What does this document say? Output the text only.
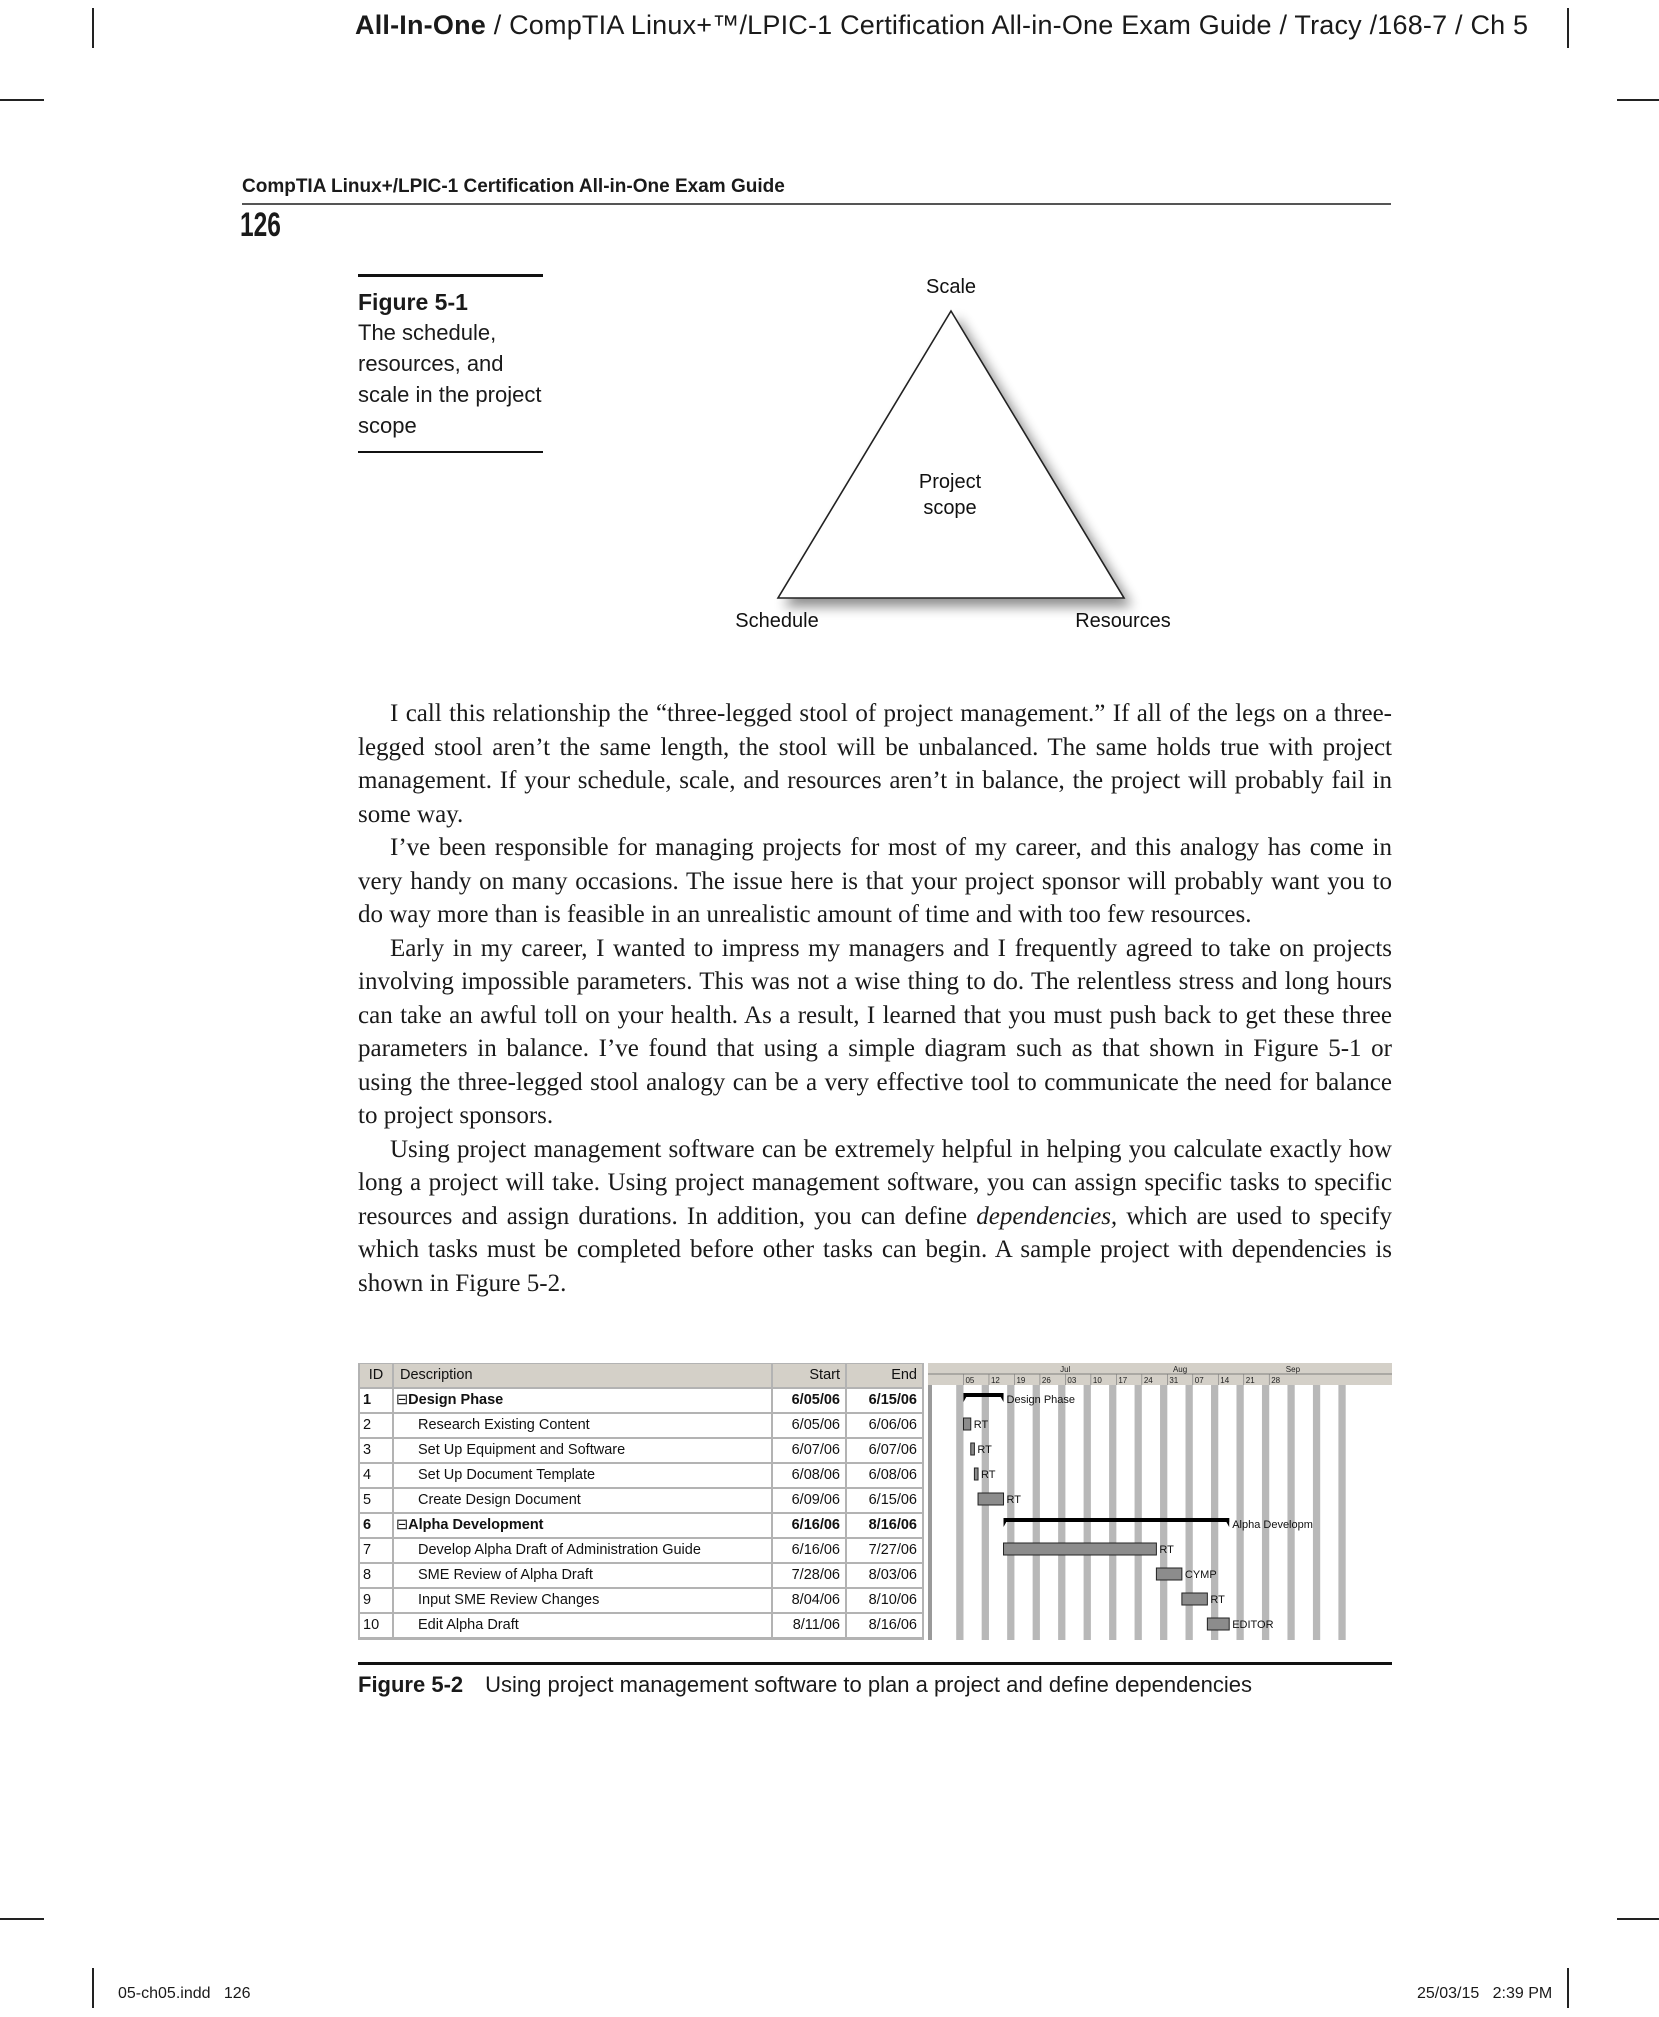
All-In-One / CompTIA Linux+™/LPIC-1 Certification All-in-One Exam Guide / Tracy /168-7 / Ch 5
CompTIA Linux+/LPIC-1 Certification All-in-One Exam Guide
126
Figure 5-1
The schedule, resources, and scale in the project scope
Scale
Project
scope
Schedule	Resources

I call this relationship the “three-legged stool of project management.” If all of the legs on a three-legged stool aren’t the same length, the stool will be unbalanced. The same holds true with project management. If your schedule, scale, and resources aren’t in balance, the project will probably fail in some way.

I’ve been responsible for managing projects for most of my career, and this analogy has come in very handy on many occasions. The issue here is that your project sponsor will probably want you to do way more than is feasible in an unrealistic amount of time and with too few resources.

Early in my career, I wanted to impress my managers and I frequently agreed to take on projects involving impossible parameters. This was not a wise thing to do. The relentless stress and long hours can take an awful toll on your health. As a result, I learned that you must push back to get these three parameters in balance. I’ve found that using a simple diagram such as that shown in Figure 5-1 or using the three-legged stool analogy can be a very effective tool to communicate the need for balance to project sponsors.

Using project management software can be extremely helpful in helping you calculate exactly how long a project will take. Using project management software, you can assign specific tasks to specific resources and assign durations. In addition, you can define dependencies, which are used to specify which tasks must be completed before other tasks can begin. A sample project with dependencies is shown in Figure 5-2.

ID	Description	Start	End
1	⊟Design Phase	6/05/06	6/15/06
2	Research Existing Content	6/05/06	6/06/06
3	Set Up Equipment and Software	6/07/06	6/07/06
4	Set Up Document Template	6/08/06	6/08/06
5	Create Design Document	6/09/06	6/15/06
6	⊟Alpha Development	6/16/06	8/16/06
7	Develop Alpha Draft of Administration Guide	6/16/06	7/27/06
8	SME Review of Alpha Draft	7/28/06	8/03/06
9	Input SME Review Changes	8/04/06	8/10/06
10	Edit Alpha Draft	8/11/06	8/16/06
Jul	Aug	Sep
05 12 19 26 03 10 17 24 31 07 14 21 28
Design Phase
RT
RT
RT
RT
Alpha Developm
RT
CYMP
RT
EDITOR
Figure 5-2 Using project management software to plan a project and define dependencies
05-ch05.indd   126	25/03/15   2:39 PM
